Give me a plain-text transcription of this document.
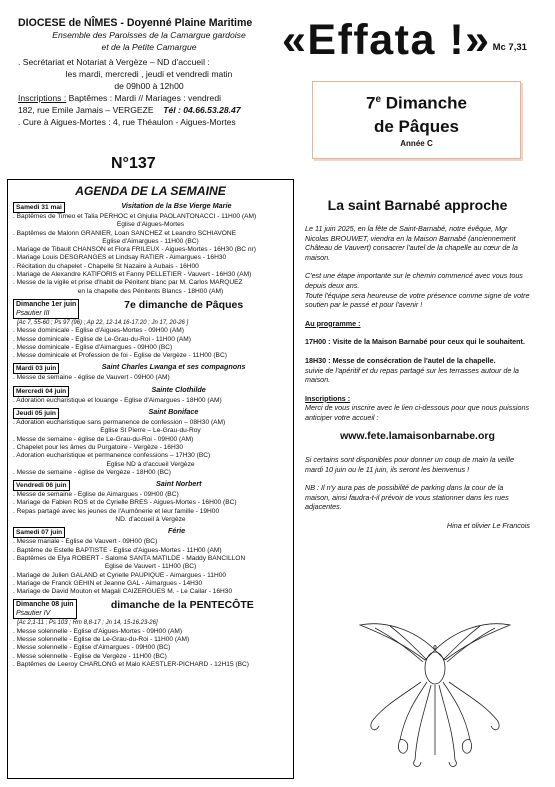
DIOCESE de NÎMES - Doyenné Plaine Maritime
Ensemble des Paroisses de la Camargue gardoise
et de la Petite Camargue
. Secrétariat et Notariat à Vergèze – ND d'accueil :
les mardi, mercredi , jeudi et vendredi matin
de 09h00 à 12h00
Inscriptions : Baptêmes : Mardi // Mariages : vendredi
182, rue Emile Jamais – VERGEZE Tél : 04.66.53.28.47
. Cure à Aigues-Mortes : 4, rue Théaulon - Aigues-Mortes
«Effata !» $_{Mc 7,31}$
7e Dimanche
de Pâques
Année C
N°137
AGENDA DE LA SEMAINE
Samedi 31 mai	Visitation de la Bse Vierge Marie
. Baptêmes de Timeo et Talia PERHOC et Ghjulia PAOLANTONACCI - 11H00 (AM)
Église d'Aigues-Mortes
. Baptêmes de Malonn GRANIER, Loan SANCHEZ et Leandro SCHIAVONE
Église d'Aimargues - 11H00 (BC)
. Mariage de Tibault CHANSON et Flora FRILEUX - Aigues-Mortes - 16H30 (BC nr)
. Mariage Louis DESGRANGES et Lindsay RATIER - Aimargues - 16H30
. Récitation du chapelet - Chapelle St Nazaire à Aubais - 16H00
. Mariage de Alexandre KATIFORIS et Fanny PELLETIER - Vauvert - 16H30 (AM)
. Messe de la vigile et prise d'habit de Pénitent blanc par M. Carlos MARQUEZ
en la chapelle des Pénitents Blancs - 18H00 (AM)
Dimanche 1er juin
Psautier III
7e dimanche de Pâques
[Ac 7, 55-60 ; Ps 97 (96) ; Ap 22, 12-14.16-17.20 ; Jn 17, 20-26 ]
. Messe dominicale - Église d'Aigues-Mortes - 09H00 (AM)
. Messe dominicale - Église de Le-Grau-du-Roi - 11H00 (AM)
. Messe dominicale - Église d'Aimargues - 09H00 (BC)
. Messe dominicale et Profession de foi - Église de Vergèze - 11H00 (BC)
Mardi 03 juin	Saint Charles Lwanga et ses compagnons
. Messe de semaine - église de Vauvert - 09H00 (AM)
Mercredi 04 juin	Sainte Clothilde
. Adoration eucharistique et louange - Église d'Aimargues - 18H00 (AM)
Jeudi 05 juin	Saint Boniface
. Adoration eucharistique sans permanence de confession – 08H30 (AM)
Église St Pierre – Le-Grau-du-Roy
. Messe de semaine - église de Le-Grau-du-Roi - 09H00 (AM)
. Chapelet pour les âmes du Purgatoire - Vergèze - 16H30
. Adoration eucharistique et permanence confessions – 17H30 (BC)
Église ND à d'accueil Vergèze
. Messe de semaine - église de Vergèze - 18H00 (BC)
Vendredi 06 juin	Saint Norbert
. Messe de semaine - Église de Aimargues - 09H00 (BC)
. Mariage de Fabien ROS et de Cyrielle BRES - Aigues-Mortes - 16H00 (BC)
. Repas partagé avec les jeunes de l'Aumônerie et leur famille - 19H00
ND. d'accueil à Vergèze
Samedi 07 juin	Férie
. Messe mariale - Église de Vauvert - 09H00 (BC)
. Baptême de Estelle BAPTISTE - Église d'Aigues-Mortes - 11H00 (AM)
. Baptêmes de Elya ROBERT - Salomé SANTA MATILDE - Maddy BANCILLON
Église de Vauvert - 11H00 (BC)
. Mariage de Julien GALAND et Cyrielle PAUPIQUE - Aimargues - 11H00
. Mariage de Franck GEHIN et Jeanne GAL - Aimargues - 14H30
. Mariage de David Mouton et Magali CAIZERGUES M. - Le Cailar - 16H30
Dimanche 08 juin
Psautier IV
dimanche de la PENTECÔTE
[Ac 2,1-11 ; Ps 103 ; Rm 8,8-17 ; Jn 14, 15-16.23-26]
. Messe solennelle - Église d'Aigues-Mortes - 09H00 (AM)
. Messe solennelle - Église de Le-Grau-du-Roi - 11H00 (AM)
. Messe solennelle - Église d'Aimargues - 09H00 (BC)
. Messe solennelle - Église de Vergèze - 11H00 (BC)
. Baptêmes de Leeroy CHARLONG et Malo KAESTLER-PICHARD - 12H15 (BC)
La saint Barnabé approche

Le 11 juin 2025, en la fête de Saint-Barnabé, notre évêque, Mgr Nicolas BROUWET, viendra en la Maison Barnabé (anciennement Château de Vauvert) consacrer l'autel de la chapelle au cœur de la maison.

C'est une étape importante sur le chemin commencé avec vous tous depuis deux ans.

Toute l'équipe sera heureuse de votre présence comme signe de votre soutien par le passé et pour l'avenir !

Au programme :

17H00 : Visite de la Maison Barnabé pour ceux qui le souhaitent.

18H30 : Messe de consécration de l'autel de la chapelle.

suivie de l'apéritif et du repas partagé sur les terrasses autour de la maison.

Inscriptions :

Merci de vous inscrire avec le lien ci-dessous pour que nous puissions anticiper votre accueil :

www.fete.lamaisonbarnabe.org

Si certains sont disponibles pour donner un coup de main la veille mardi 10 juin ou le 11 juin, ils seront les bienvenus !

NB : Il n'y aura pas de possibilité de parking dans la cour de la maison, ainsi faudra-t-il prévoir de vous stationner dans les rues adjacentes.

Hina et olivier Le Francois
